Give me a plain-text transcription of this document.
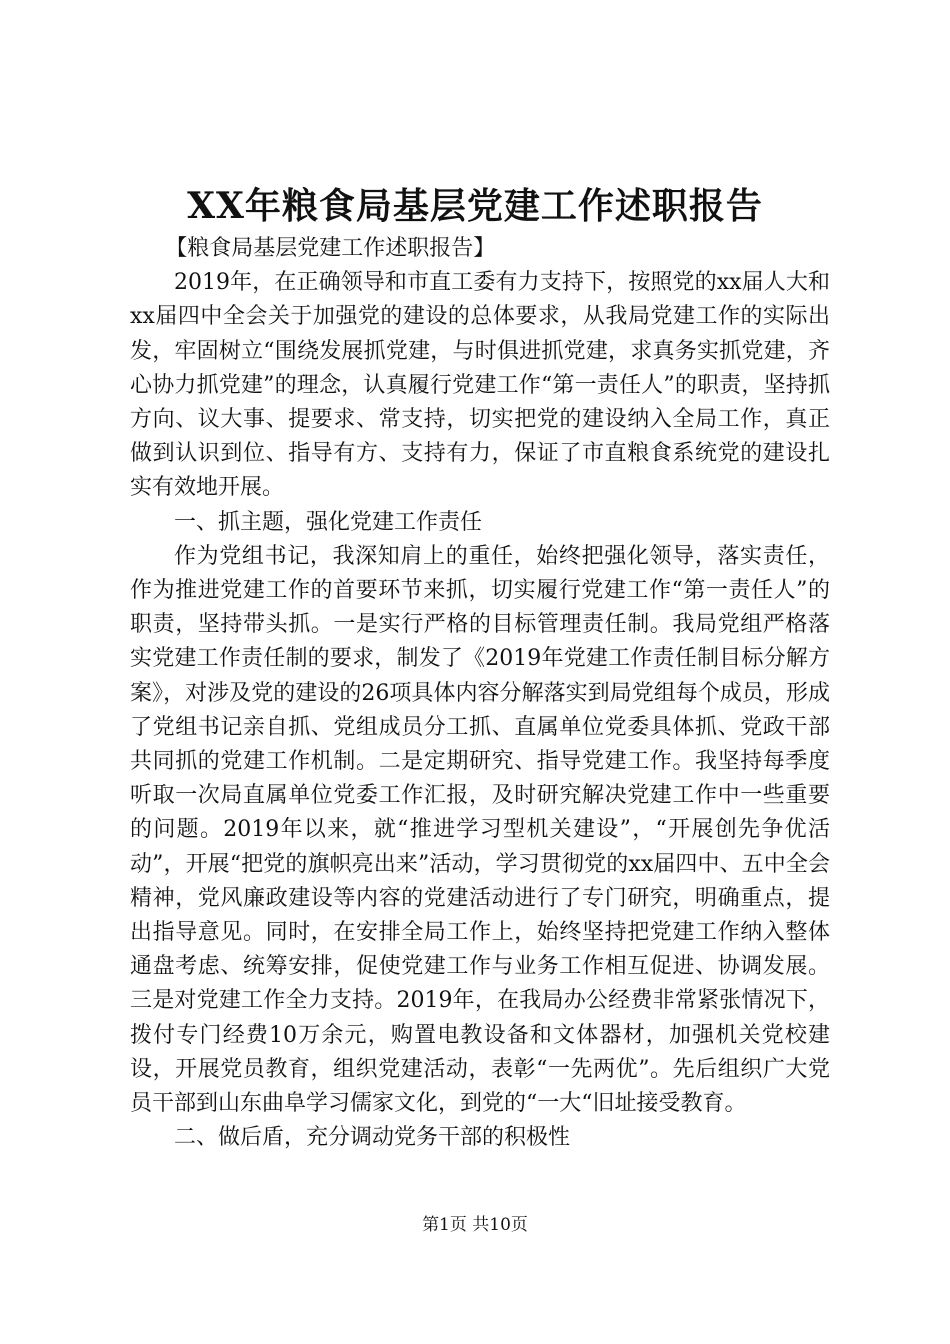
XX年粮食局基层党建工作述职报告

【粮食局基层党建工作述职报告】

2019年，在正确领导和市直工委有力支持下，按照党的xx届人大和xx届四中全会关于加强党的建设的总体要求，从我局党建工作的实际出发，牢固树立“围绕发展抓党建，与时俱进抓党建，求真务实抓党建，齐心协力抓党建”的理念，认真履行党建工作“第一责任人”的职责，坚持抓方向、议大事、提要求、常支持，切实把党的建设纳入全局工作，真正做到认识到位、指导有方、支持有力，保证了市直粮食系统党的建设扎实有效地开展。

一、抓主题，强化党建工作责任

作为党组书记，我深知肩上的重任，始终把强化领导，落实责任，作为推进党建工作的首要环节来抓，切实履行党建工作“第一责任人”的职责，坚持带头抓。一是实行严格的目标管理责任制。我局党组严格落实党建工作责任制的要求，制发了《2019年党建工作责任制目标分解方案》，对涉及党的建设的26项具体内容分解落实到局党组每个成员，形成了党组书记亲自抓、党组成员分工抓、直属单位党委具体抓、党政干部共同抓的党建工作机制。二是定期研究、指导党建工作。我坚持每季度听取一次局直属单位党委工作汇报，及时研究解决党建工作中一些重要的问题。2019年以来，就“推进学习型机关建设”，“开展创先争优活动”，开展“把党的旗帜亮出来”活动，学习贯彻党的xx届四中、五中全会精神，党风廉政建设等内容的党建活动进行了专门研究，明确重点，提出指导意见。同时，在安排全局工作上，始终坚持把党建工作纳入整体通盘考虑、统筹安排，促使党建工作与业务工作相互促进、协调发展。三是对党建工作全力支持。2019年，在我局办公经费非常紧张情况下，拨付专门经费10万余元，购置电教设备和文体器材，加强机关党校建设，开展党员教育，组织党建活动，表彰“一先两优”。先后组织广大党员干部到山东曲阜学习儒家文化，到党的“一大“旧址接受教育。

二、做后盾，充分调动党务干部的积极性

第1页 共10页
